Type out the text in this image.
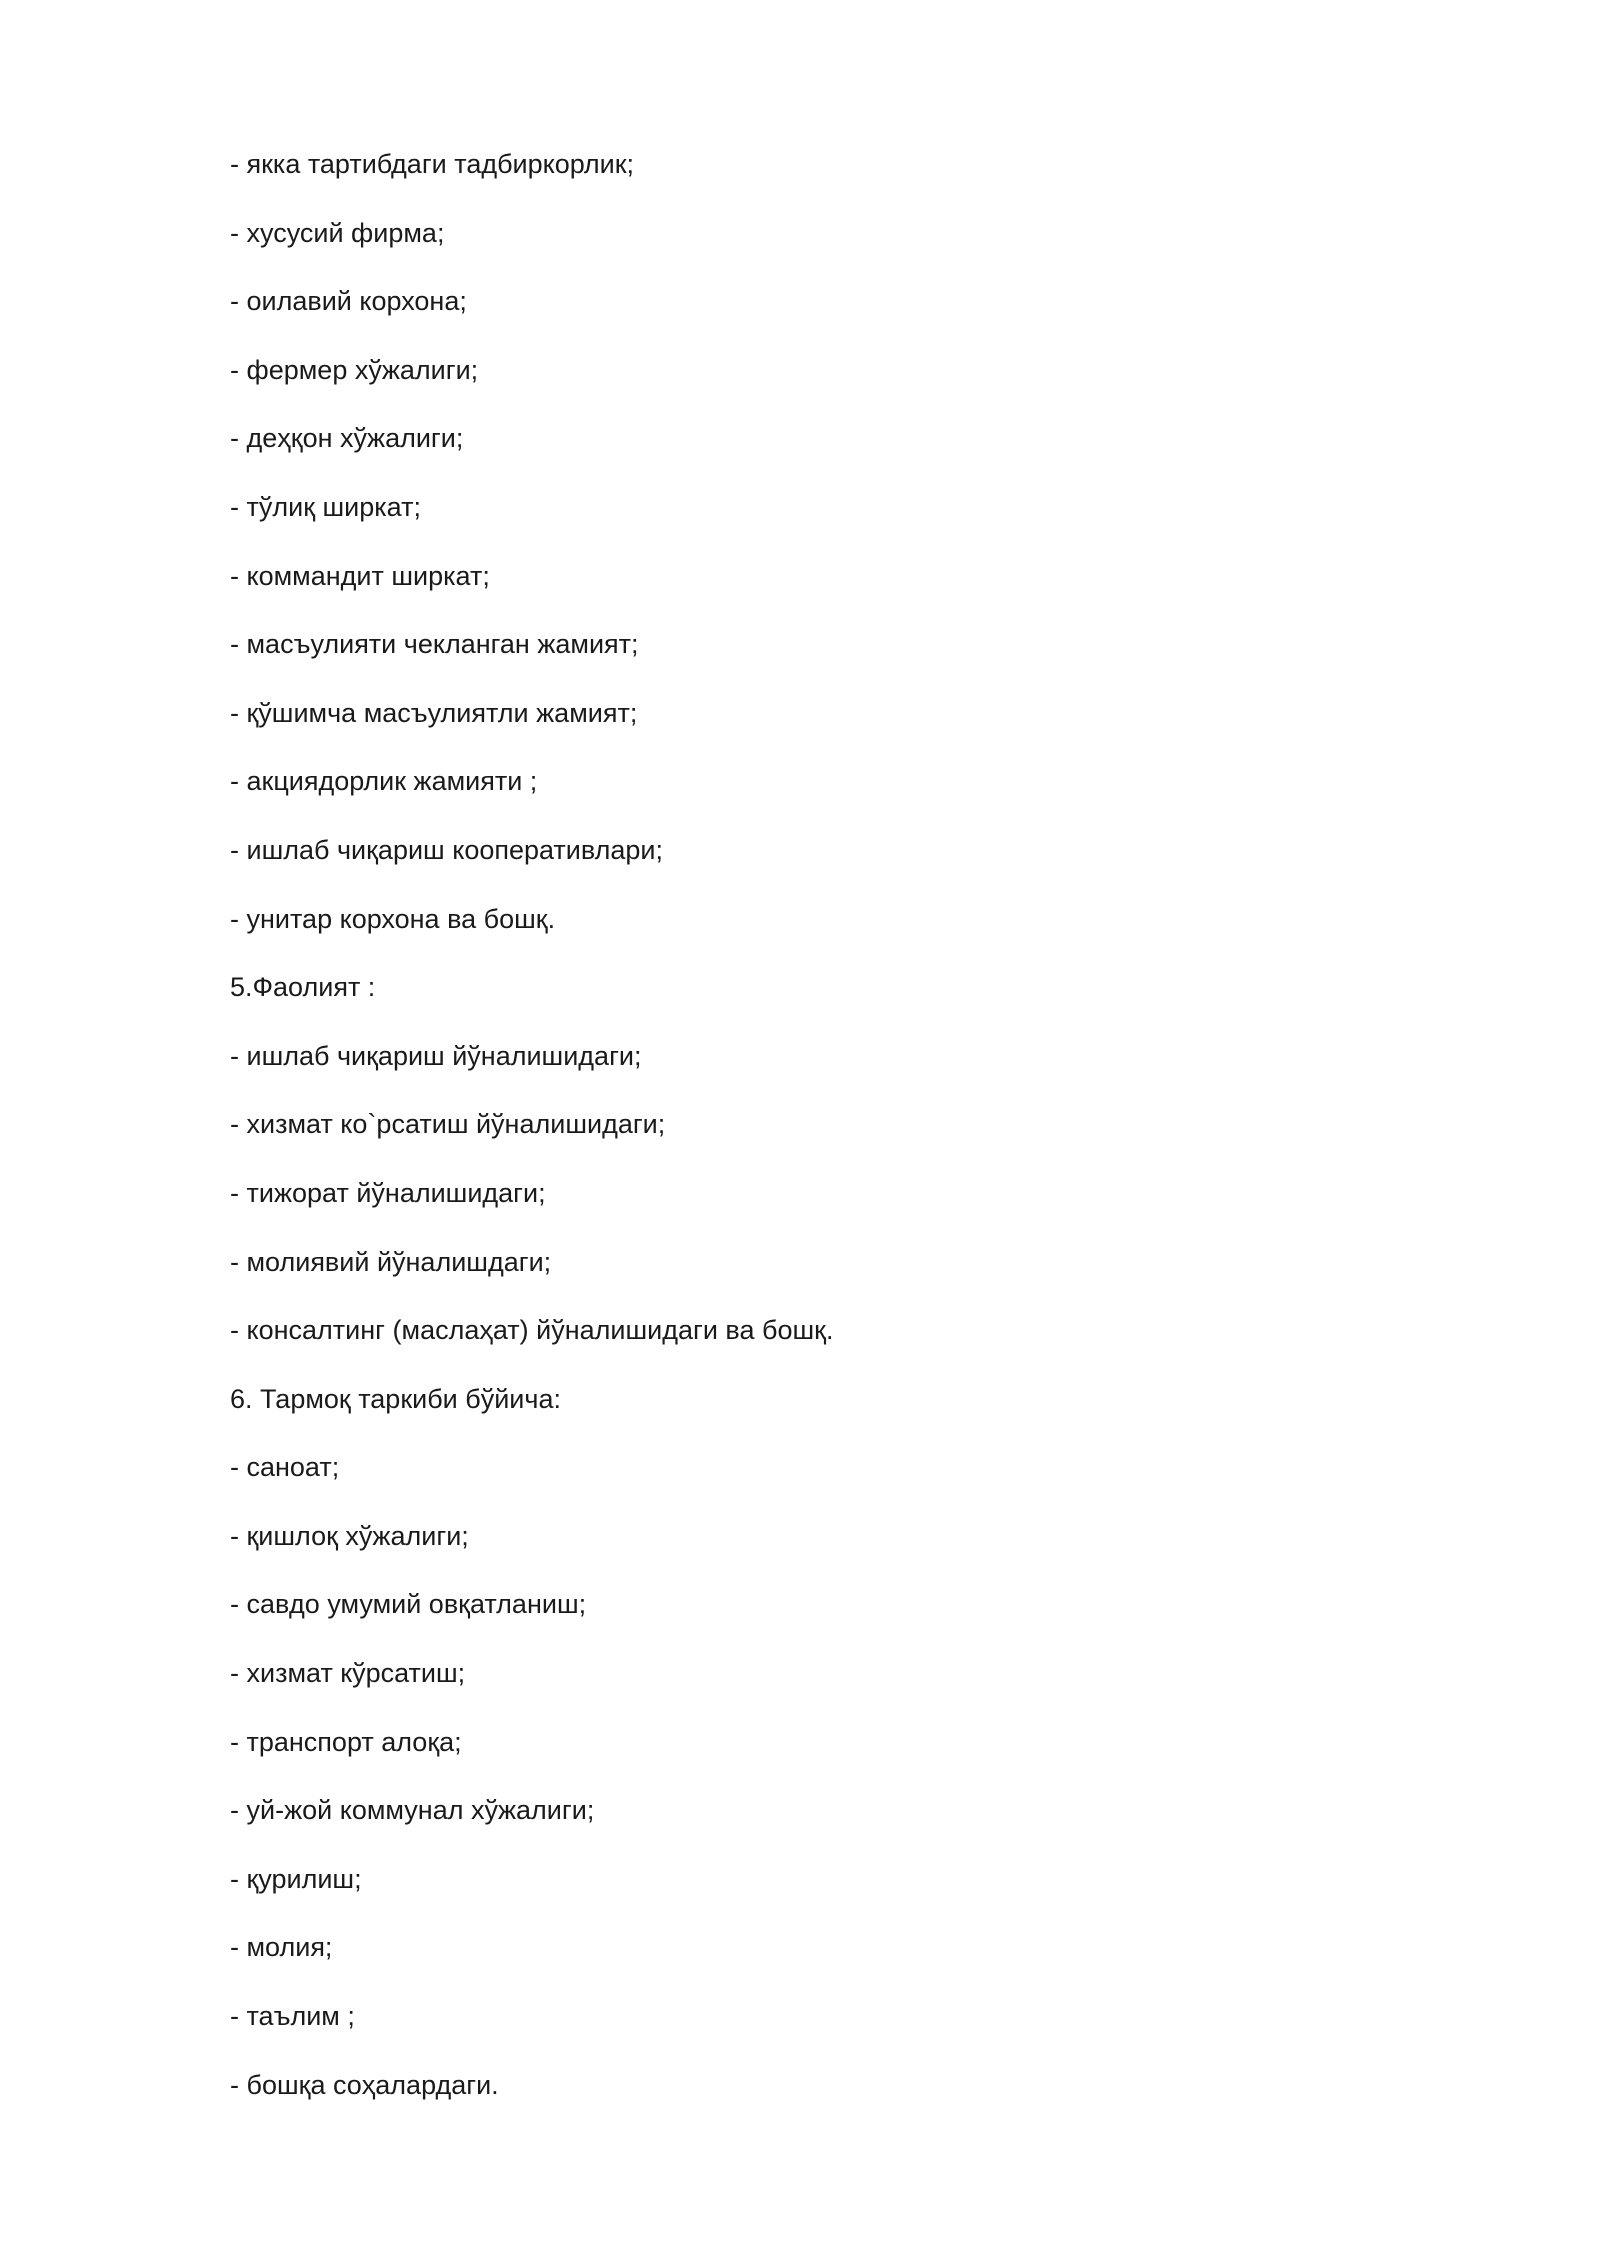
- якка тартибдаги тадбиркорлик;

- хусусий фирма;

- оилавий корхона;

- фермер хўжалиги;

- деҳқон хўжалиги;

- тўлиқ ширкат;

- коммандит ширкат;

- масъулияти чекланган жамият;

- қўшимча масъулиятли жамият;

- акциядорлик жамияти ;

- ишлаб чиқариш кооперативлари;

- унитар корхона ва бошқ.

5.Фаолият :

- ишлаб чиқариш йўналишидаги;

- хизмат ко`рсатиш йўналишидаги;

- тижорат йўналишидаги;

- молиявий йўналишдаги;

- консалтинг (маслаҳат) йўналишидаги ва бошқ.

6. Тармоқ таркиби бўйича:

- саноат;

- қишлоқ хўжалиги;

- савдо умумий овқатланиш;

- хизмат кўрсатиш;

- транспорт алоқа;

- уй-жой коммунал хўжалиги;

- қурилиш;

- молия;

- таълим ;

- бошқа соҳалардаги.
